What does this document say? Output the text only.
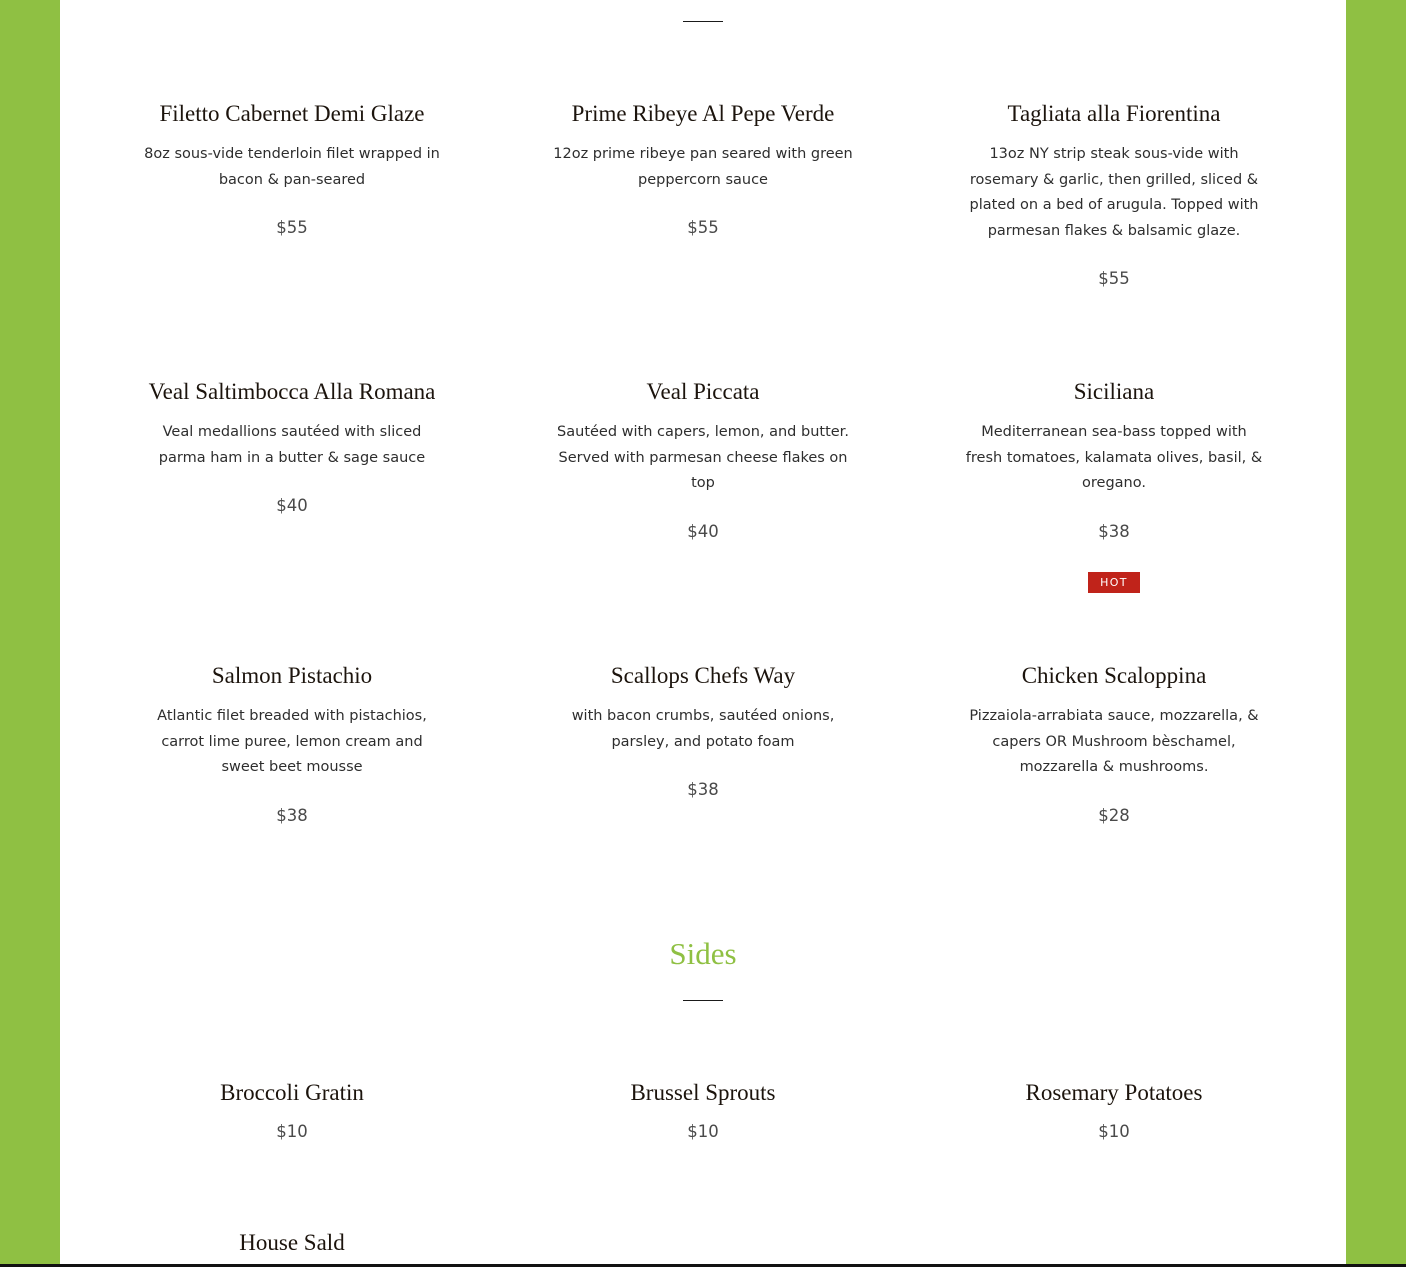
Filetto Cabernet Demi Glaze
8oz sous-vide tenderloin filet wrapped in bacon & pan-seared
$55
Prime Ribeye Al Pepe Verde
12oz prime ribeye pan seared with green peppercorn sauce
$55
Tagliata alla Fiorentina
13oz NY strip steak sous-vide with rosemary & garlic, then grilled, sliced & plated on a bed of arugula. Topped with parmesan flakes & balsamic glaze.
$55
Veal Saltimbocca Alla Romana
Veal medallions sautéed with sliced parma ham in a butter & sage sauce
$40
Veal Piccata
Sautéed with capers, lemon, and butter. Served with parmesan cheese flakes on top
$40
Siciliana
Mediterranean sea-bass topped with fresh tomatoes, kalamata olives, basil, & oregano.
$38
HOT
Salmon Pistachio
Atlantic filet breaded with pistachios, carrot lime puree, lemon cream and sweet beet mousse
$38
Scallops Chefs Way
with bacon crumbs, sautéed onions, parsley, and potato foam
$38
Chicken Scaloppina
Pizzaiola-arrabiata sauce, mozzarella, & capers OR Mushroom bèschamel, mozzarella & mushrooms.
$28
Sides
Broccoli Gratin
$10
Brussel Sprouts
$10
Rosemary Potatoes
$10
House Sald
